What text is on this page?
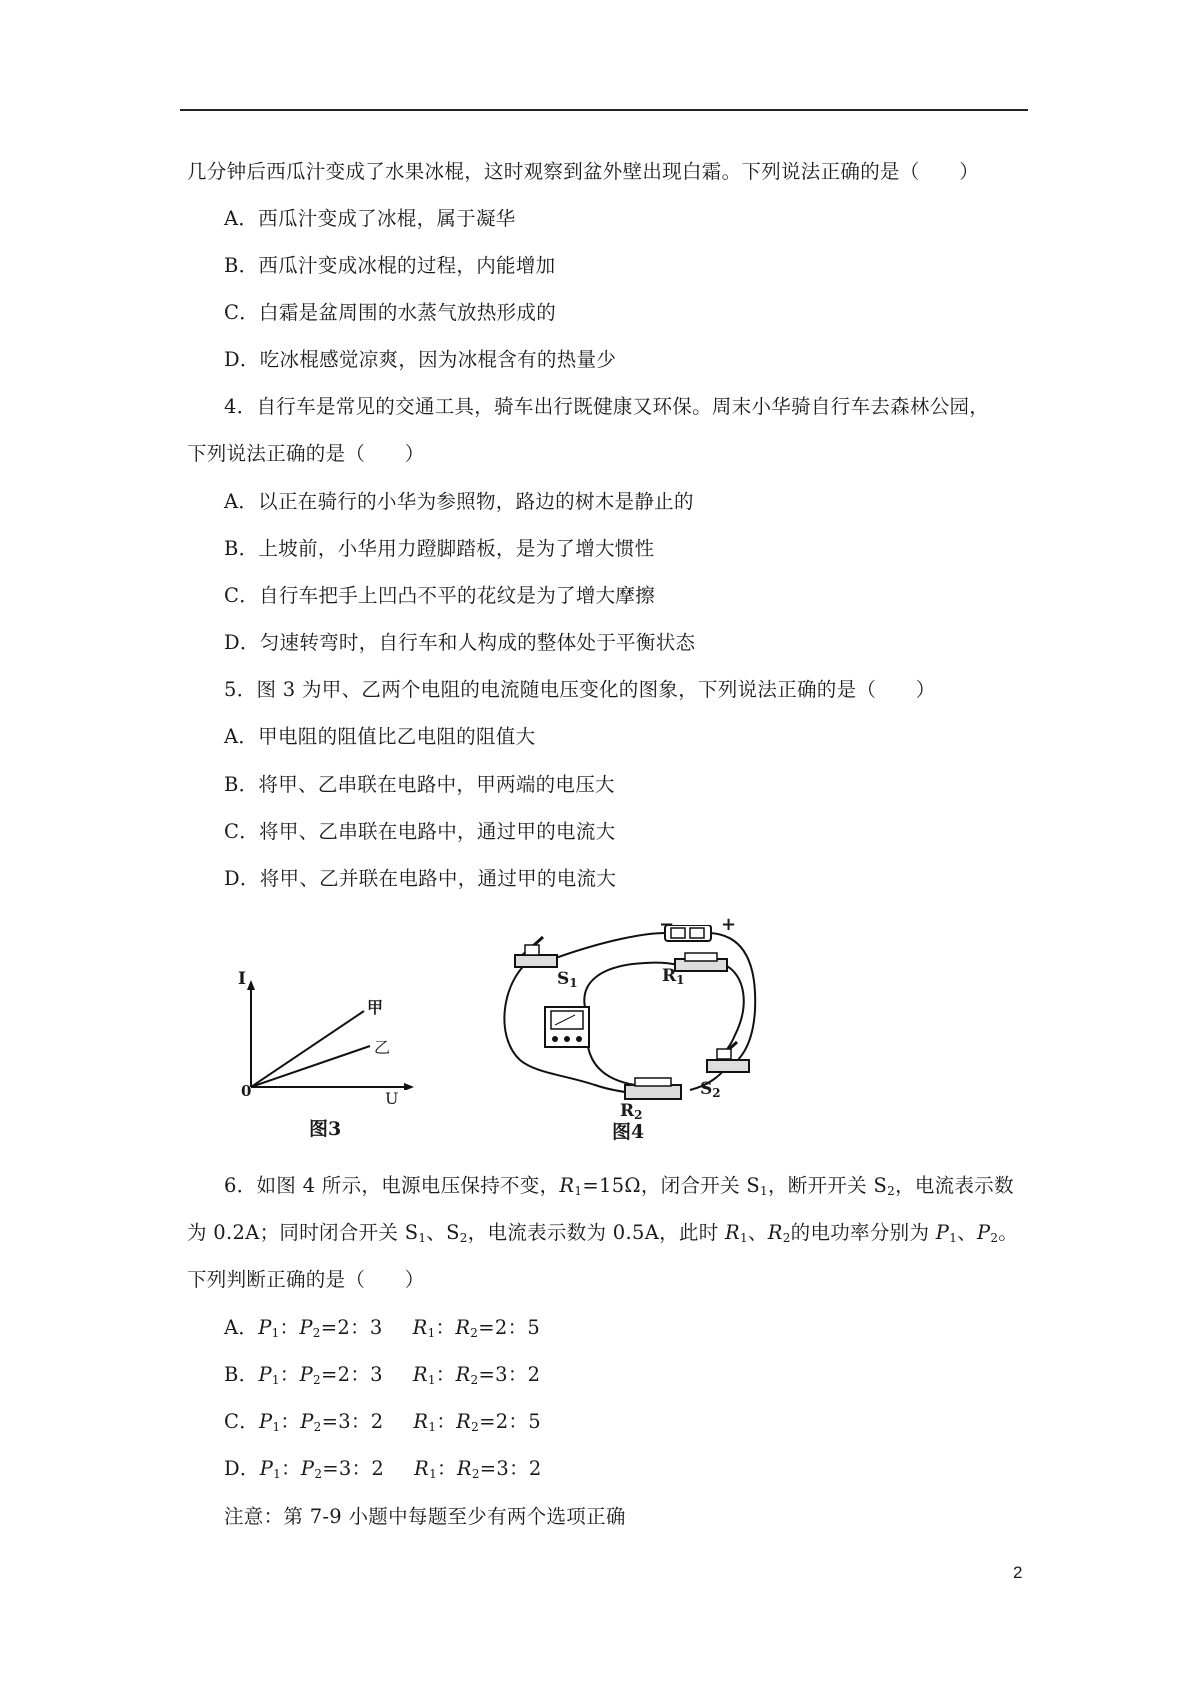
几分钟后西瓜汁变成了水果冰棍，这时观察到盆外壁出现白霜。下列说法正确的是（　　）
A．西瓜汁变成了冰棍，属于凝华
B．西瓜汁变成冰棍的过程，内能增加
C．白霜是盆周围的水蒸气放热形成的
D．吃冰棍感觉凉爽，因为冰棍含有的热量少
4．自行车是常见的交通工具，骑车出行既健康又环保。周末小华骑自行车去森林公园，
下列说法正确的是（　　）
A．以正在骑行的小华为参照物，路边的树木是静止的
B．上坡前，小华用力蹬脚踏板，是为了增大惯性
C．自行车把手上凹凸不平的花纹是为了增大摩擦
D．匀速转弯时，自行车和人构成的整体处于平衡状态
5．图 3 为甲、乙两个电阻的电流随电压变化的图象，下列说法正确的是（　　）
A．甲电阻的阻值比乙电阻的阻值大
B．将甲、乙串联在电路中，甲两端的电压大
C．将甲、乙串联在电路中，通过甲的电流大
D．将甲、乙并联在电路中，通过甲的电流大
I
U
0
甲
乙
图3
−	+
$S_1$	$R_1$
$R_2$
$S_2$
图4
6．如图 4 所示，电源电压保持不变，$R_1=15\Omega$，闭合开关 $S_1$，断开开关 $S_2$，电流表示数
为 0.2A；同时闭合开关 $S_1$、$S_2$，电流表示数为 0.5A，此时 $R_1$、$R_2$的电功率分别为 $P_1$、$P_2$。
下列判断正确的是（　　）
A．$P_1$：$P_2=2$：3 $R_1$：$R_2=2$：5
B．$P_1$：$P_2=2$：3 $R_1$：$R_2=3$：2
C．$P_1$：$P_2=3$：2 $R_1$：$R_2=2$：5
D．$P_1$：$P_2=3$：2 $R_1$：$R_2=3$：2
注意：第 7-9 小题中每题至少有两个选项正确
2
